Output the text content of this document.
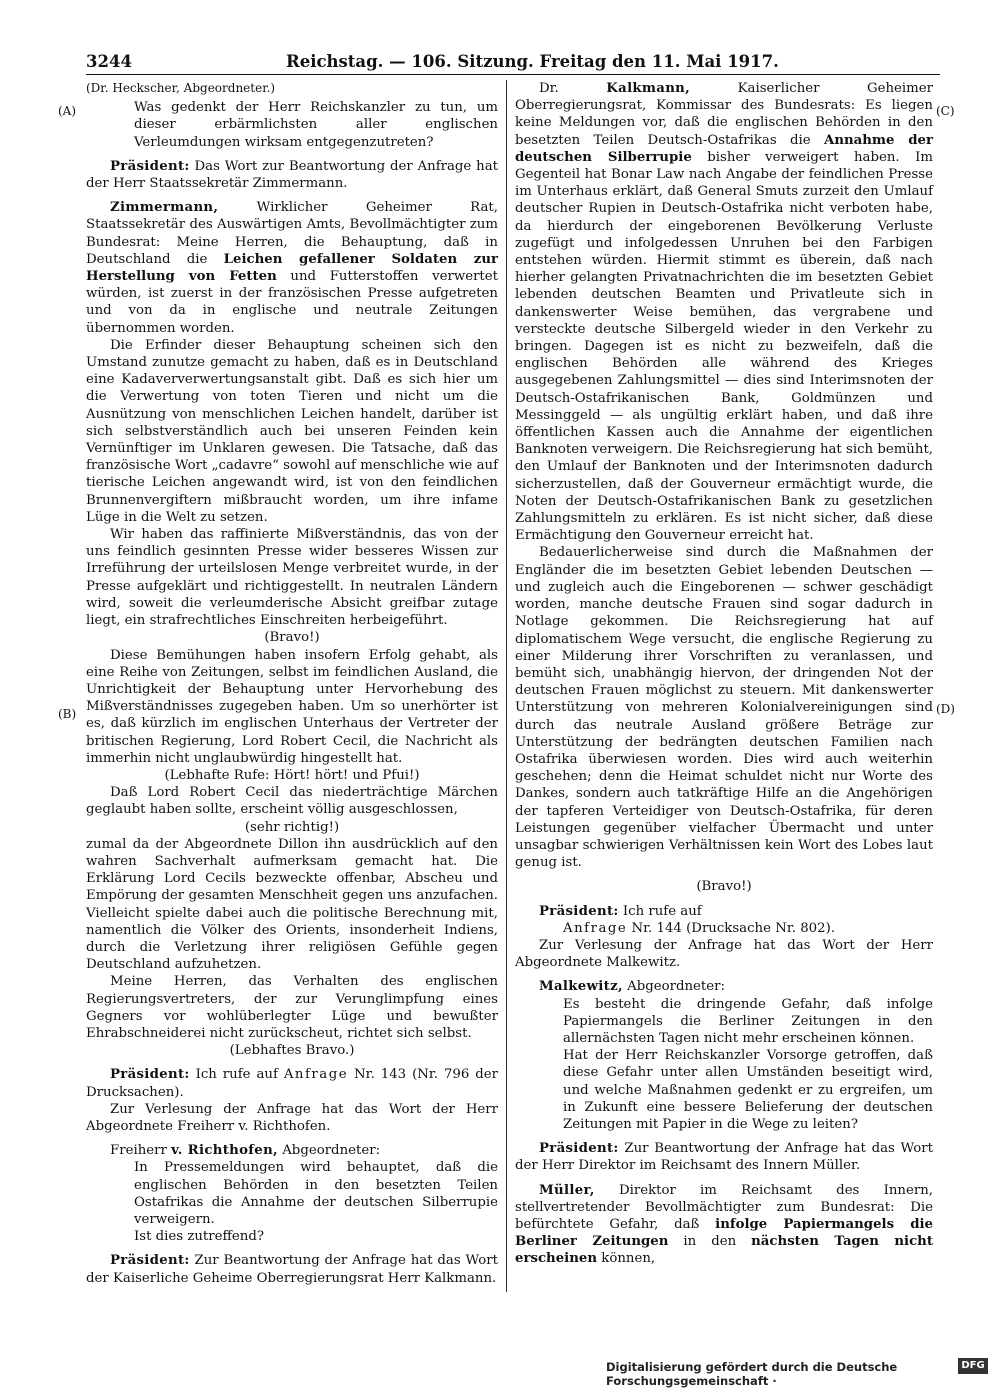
3244	Reichstag. — 106. Sitzung. Freitag den 11. Mai 1917.
(A)
(B)
(C)
(D)

(Dr. Heckscher, Abgeordneter.)

Was gedenkt der Herr Reichskanzler zu tun, um dieser erbärmlichsten aller englischen Verleumdungen wirksam entgegenzutreten?

Präsident: Das Wort zur Beantwortung der Anfrage hat der Herr Staatssekretär Zimmermann.

Zimmermann,	Wirklicher Geheimer Rat, Staatssekretär des Auswärtigen Amts, Bevollmächtigter zum Bundesrat: Meine Herren, die Behauptung, daß in Deutschland die Leichen gefallener Soldaten zur Herstellung von Fetten und Futterstoffen verwertet würden, ist zuerst in der französischen Presse aufgetreten und von da in englische und neutrale Zeitungen übernommen worden.

Die Erfinder dieser Behauptung scheinen sich den Umstand zunutze gemacht zu haben, daß es in Deutschland eine Kadaververwertungsanstalt gibt. Daß es sich hier um die Verwertung von toten Tieren und nicht um die Ausnützung von menschlichen Leichen handelt, darüber ist sich selbstverständlich auch bei unseren Feinden kein Vernünftiger im Unklaren gewesen. Die Tatsache, daß das französische Wort „cadavre“ sowohl auf menschliche wie auf tierische Leichen angewandt wird, ist von den feindlichen Brunnenvergiftern mißbraucht worden, um ihre infame Lüge in die Welt zu setzen.

Wir haben das raffinierte Mißverständnis, das von der uns feindlich gesinnten Presse wider besseres Wissen zur Irreführung der urteilslosen Menge verbreitet wurde, in der Presse aufgeklärt und richtiggestellt. In neutralen Ländern wird, soweit die verleumderische Absicht greifbar zutage liegt, ein strafrechtliches Einschreiten herbeigeführt.

(Bravo!)

Diese Bemühungen haben insofern Erfolg gehabt, als eine Reihe von Zeitungen, selbst im feindlichen Ausland, die Unrichtigkeit der Behauptung unter Hervorhebung des Mißverständnisses zugegeben haben. Um so unerhörter ist es, daß kürzlich im englischen Unterhaus der Vertreter der britischen Regierung, Lord Robert Cecil, die Nachricht als immerhin nicht unglaubwürdig hingestellt hat.

(Lebhafte Rufe: Hört! hört! und Pfui!)

Daß Lord Robert Cecil das niederträchtige Märchen geglaubt haben sollte, erscheint völlig ausgeschlossen,

(sehr richtig!)

zumal da der Abgeordnete Dillon ihn ausdrücklich auf den wahren Sachverhalt aufmerksam gemacht hat. Die Erklärung Lord Cecils bezweckte offenbar, Abscheu und Empörung der gesamten Menschheit gegen uns anzufachen. Vielleicht spielte dabei auch die politische Berechnung mit, namentlich die Völker des Orients, insonderheit Indiens, durch die Verletzung ihrer religiösen Gefühle gegen Deutschland aufzuhetzen.

Meine Herren, das Verhalten des englischen Regierungsvertreters, der zur Verunglimpfung eines Gegners vor wohlüberlegter Lüge und bewußter Ehrabschneiderei nicht zurückscheut, richtet sich selbst.

(Lebhaftes Bravo.)

Präsident: Ich rufe auf Anfrage Nr. 143 (Nr. 796 der Drucksachen).

Zur Verlesung der Anfrage hat das Wort der Herr Abgeordnete Freiherr v. Richthofen.

Freiherr v. Richthofen, Abgeordneter:

In Pressemeldungen wird behauptet, daß die englischen Behörden in den besetzten Teilen Ostafrikas die Annahme der deutschen Silberrupie verweigern.

Ist dies zutreffend?

Präsident: Zur Beantwortung der Anfrage hat das Wort der Kaiserliche Geheime Oberregierungsrat Herr Kalkmann.

Dr.	Kalkmann,	Kaiserlicher Geheimer Oberregierungsrat, Kommissar des Bundesrats: Es liegen keine Meldungen vor, daß die englischen Behörden in den besetzten Teilen Deutsch-Ostafrikas die Annahme der deutschen Silberrupie bisher verweigert haben. Im Gegenteil hat Bonar Law nach Angabe der feindlichen Presse im Unterhaus erklärt, daß General Smuts zurzeit den Umlauf deutscher Rupien in Deutsch-Ostafrika nicht verboten habe, da hierdurch der eingeborenen Bevölkerung Verluste zugefügt und infolgedessen Unruhen bei den Farbigen entstehen würden. Hiermit stimmt es überein, daß nach hierher gelangten Privatnachrichten die im besetzten Gebiet lebenden deutschen Beamten und Privatleute sich in dankenswerter Weise bemühen, das vergrabene und versteckte deutsche Silbergeld wieder in den Verkehr zu bringen. Dagegen ist es nicht zu bezweifeln, daß die englischen Behörden alle während des Krieges ausgegebenen Zahlungsmittel — dies sind Interimsnoten der Deutsch-Ostafrikanischen Bank, Goldmünzen und Messinggeld — als ungültig erklärt haben, und daß ihre öffentlichen Kassen auch die Annahme der eigentlichen Banknoten verweigern. Die Reichsregierung hat sich bemüht, den Umlauf der Banknoten und der Interimsnoten dadurch sicherzustellen, daß der Gouverneur ermächtigt wurde, die Noten der Deutsch-Ostafrikanischen Bank zu gesetzlichen Zahlungsmitteln zu erklären. Es ist nicht sicher, daß diese Ermächtigung den Gouverneur erreicht hat.

Bedauerlicherweise sind durch die Maßnahmen der Engländer die im besetzten Gebiet lebenden Deutschen — und zugleich auch die Eingeborenen — schwer geschädigt worden, manche deutsche Frauen sind sogar dadurch in Notlage gekommen. Die Reichsregierung hat auf diplomatischem Wege versucht, die englische Regierung zu einer Milderung ihrer Vorschriften zu veranlassen, und bemüht sich, unabhängig hiervon, der dringenden Not der deutschen Frauen möglichst zu steuern. Mit dankenswerter Unterstützung von mehreren Kolonialvereinigungen sind durch das neutrale Ausland größere Beträge zur Unterstützung der bedrängten deutschen Familien nach Ostafrika überwiesen worden. Dies wird auch weiterhin geschehen; denn die Heimat schuldet nicht nur Worte des Dankes, sondern auch tatkräftige Hilfe an die Angehörigen der tapferen Verteidiger von Deutsch-Ostafrika, für deren Leistungen gegenüber vielfacher Übermacht und unter unsagbar schwierigen Verhältnissen kein Wort des Lobes laut genug ist.

(Bravo!)

Präsident: Ich rufe auf
Anfrage Nr. 144 (Drucksache Nr. 802).

Zur Verlesung der Anfrage hat das Wort der Herr Abgeordnete Malkewitz.

Malkewitz, Abgeordneter:

Es besteht die dringende Gefahr, daß infolge Papiermangels die Berliner Zeitungen in den allernächsten Tagen nicht mehr erscheinen können.

Hat der Herr Reichskanzler Vorsorge getroffen, daß diese Gefahr unter allen Umständen beseitigt wird, und welche Maßnahmen gedenkt er zu ergreifen, um in Zukunft eine bessere Belieferung der deutschen Zeitungen mit Papier in die Wege zu leiten?

Präsident: Zur Beantwortung der Anfrage hat das Wort der Herr Direktor im Reichsamt des Innern Müller.

Müller, Direktor im Reichsamt des Innern, stellvertretender Bevollmächtigter zum Bundesrat: Die befürchtete Gefahr, daß infolge Papiermangels die Berliner Zeitungen in den nächsten Tagen nicht erscheinen können,

Digitalisierung gefördert durch die Deutsche Forschungsgemeinschaft ·
DFG
